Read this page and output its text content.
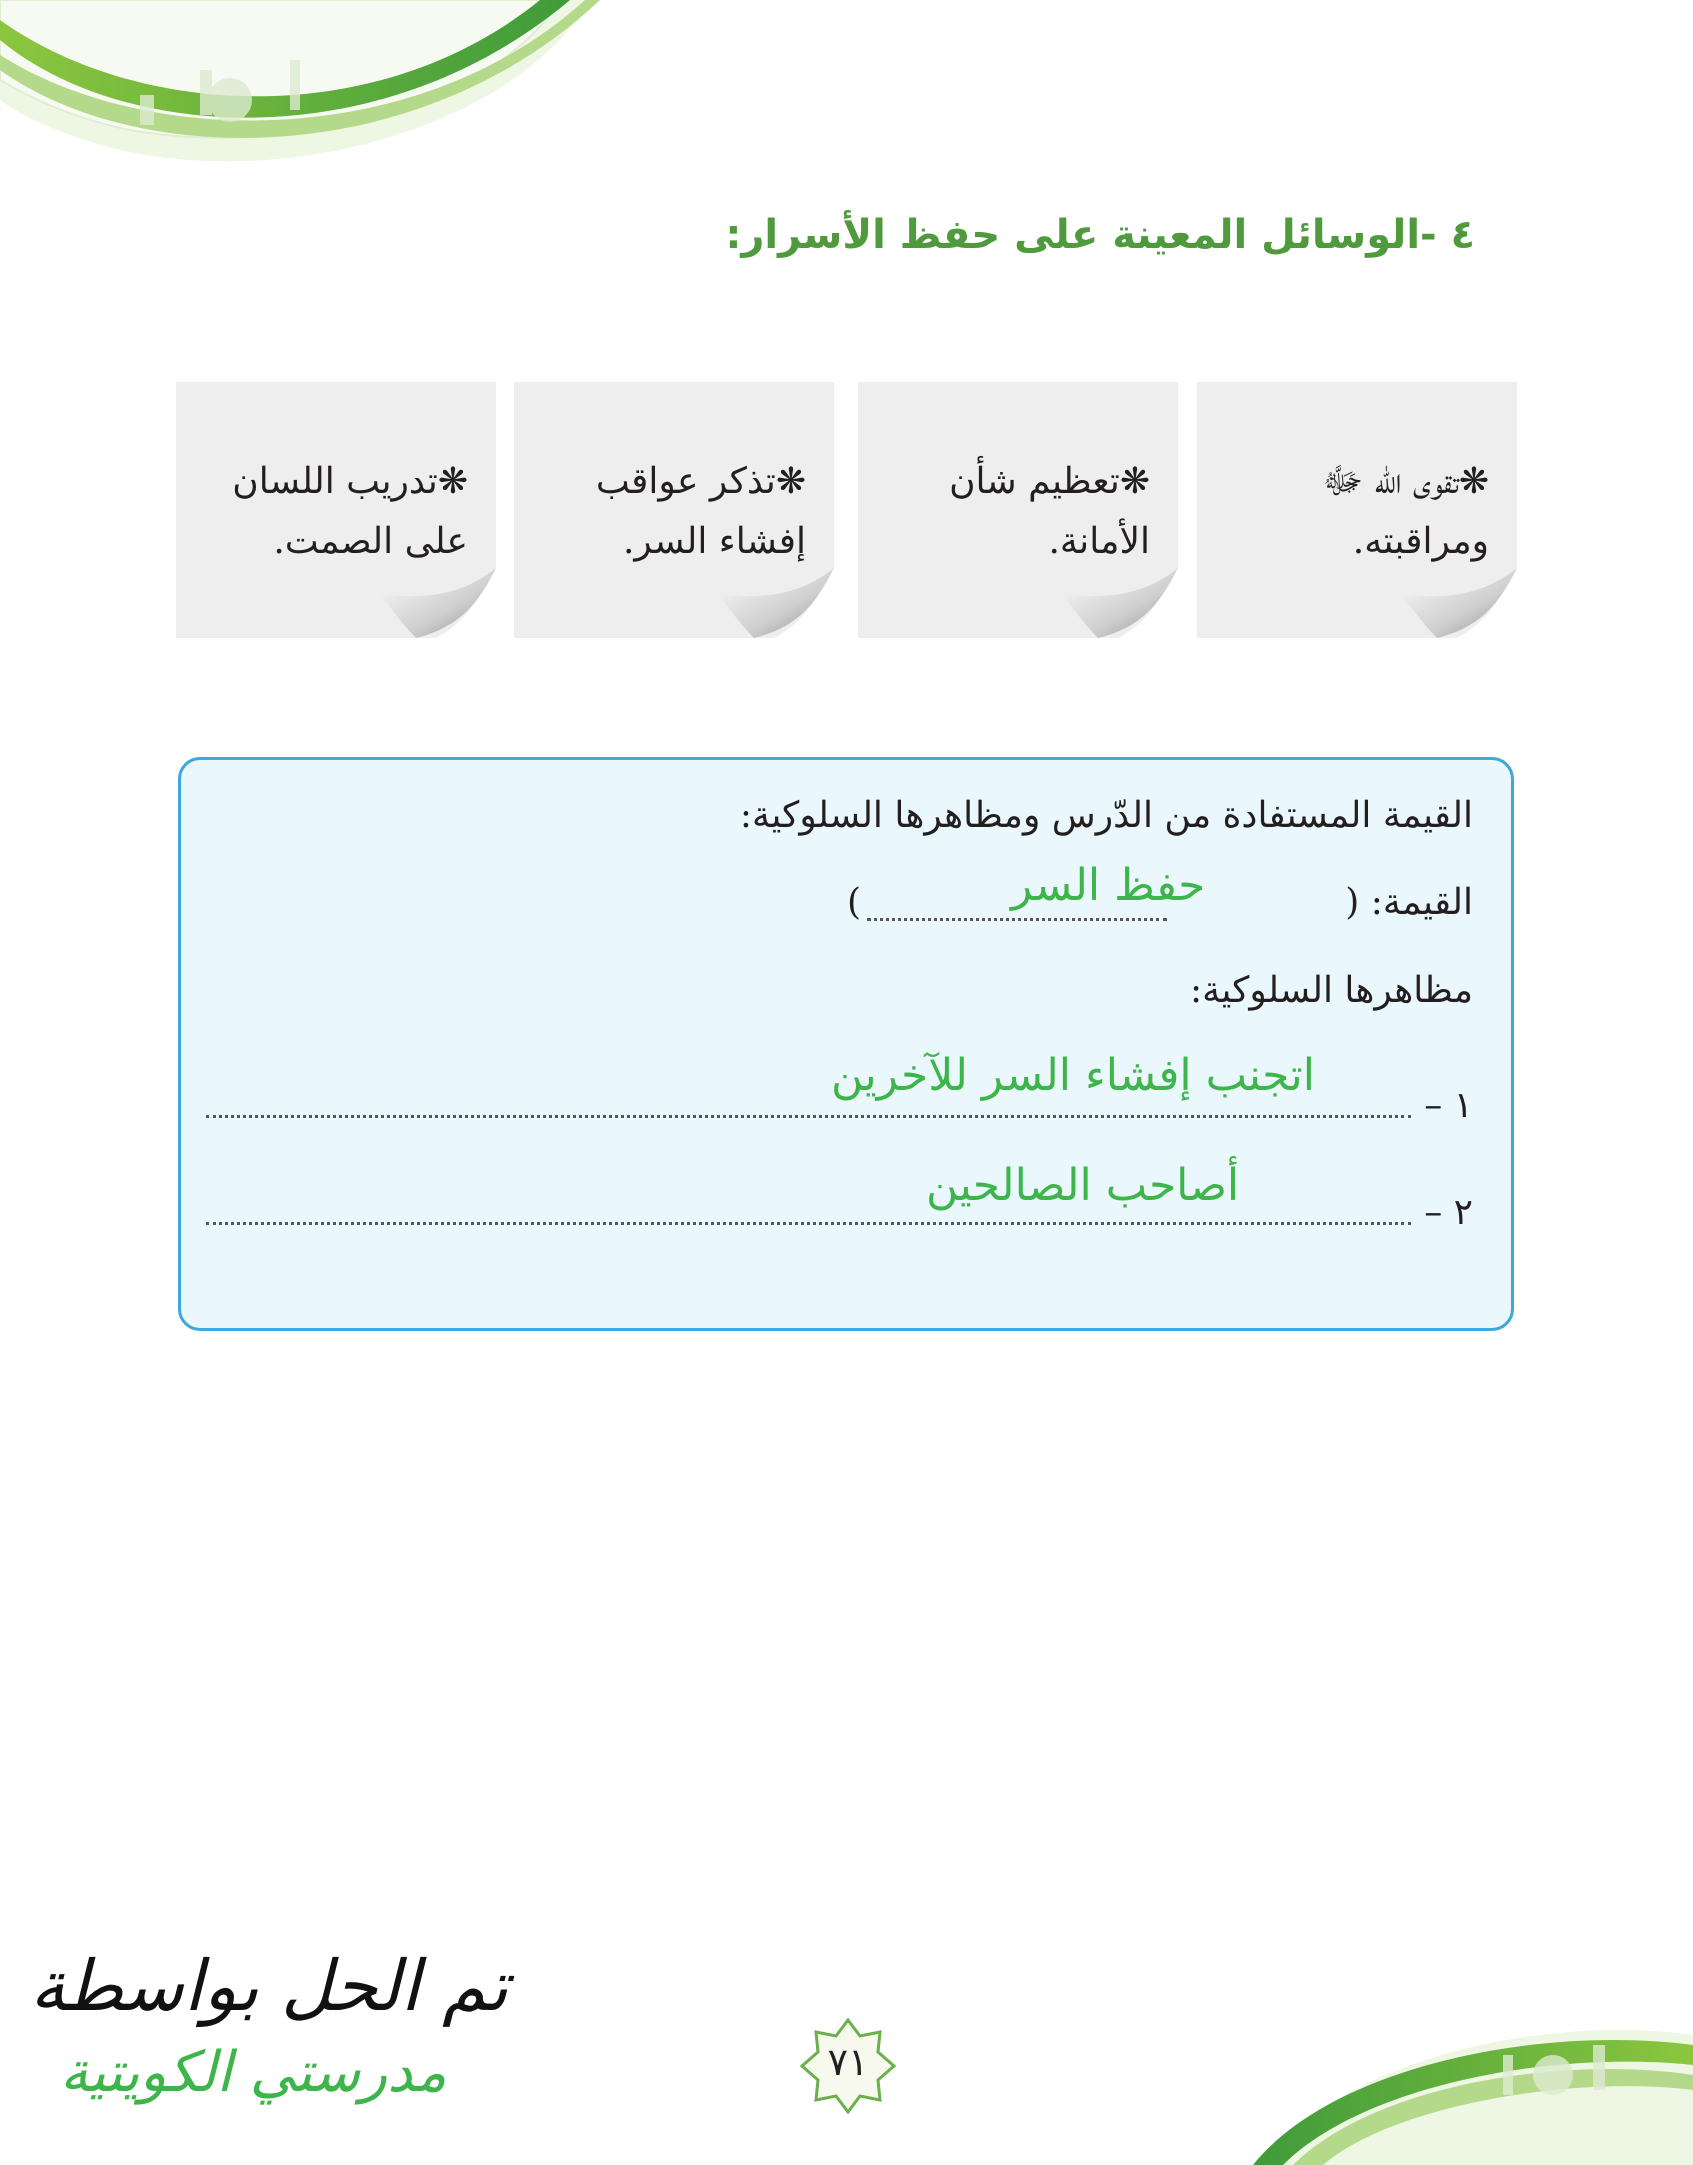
٤ -الوسائل المعينة على حفظ الأسرار:
❋تقوى الله ﷻ
ومراقبته.
❋تعظيم شأن
الأمانة.
❋تذكر عواقب
إفشاء السر.
❋تدريب اللسان
على الصمت.
القيمة المستفادة من الدّرس ومظاهرها السلوكية:
القيمة: (
)	حفظ السر
مظاهرها السلوكية:
١ –
اتجنب إفشاء السر للآخرين
٢ –
أصاحب الصالحين
تم الحل بواسطة
مدرستي الكويتية	٧١
